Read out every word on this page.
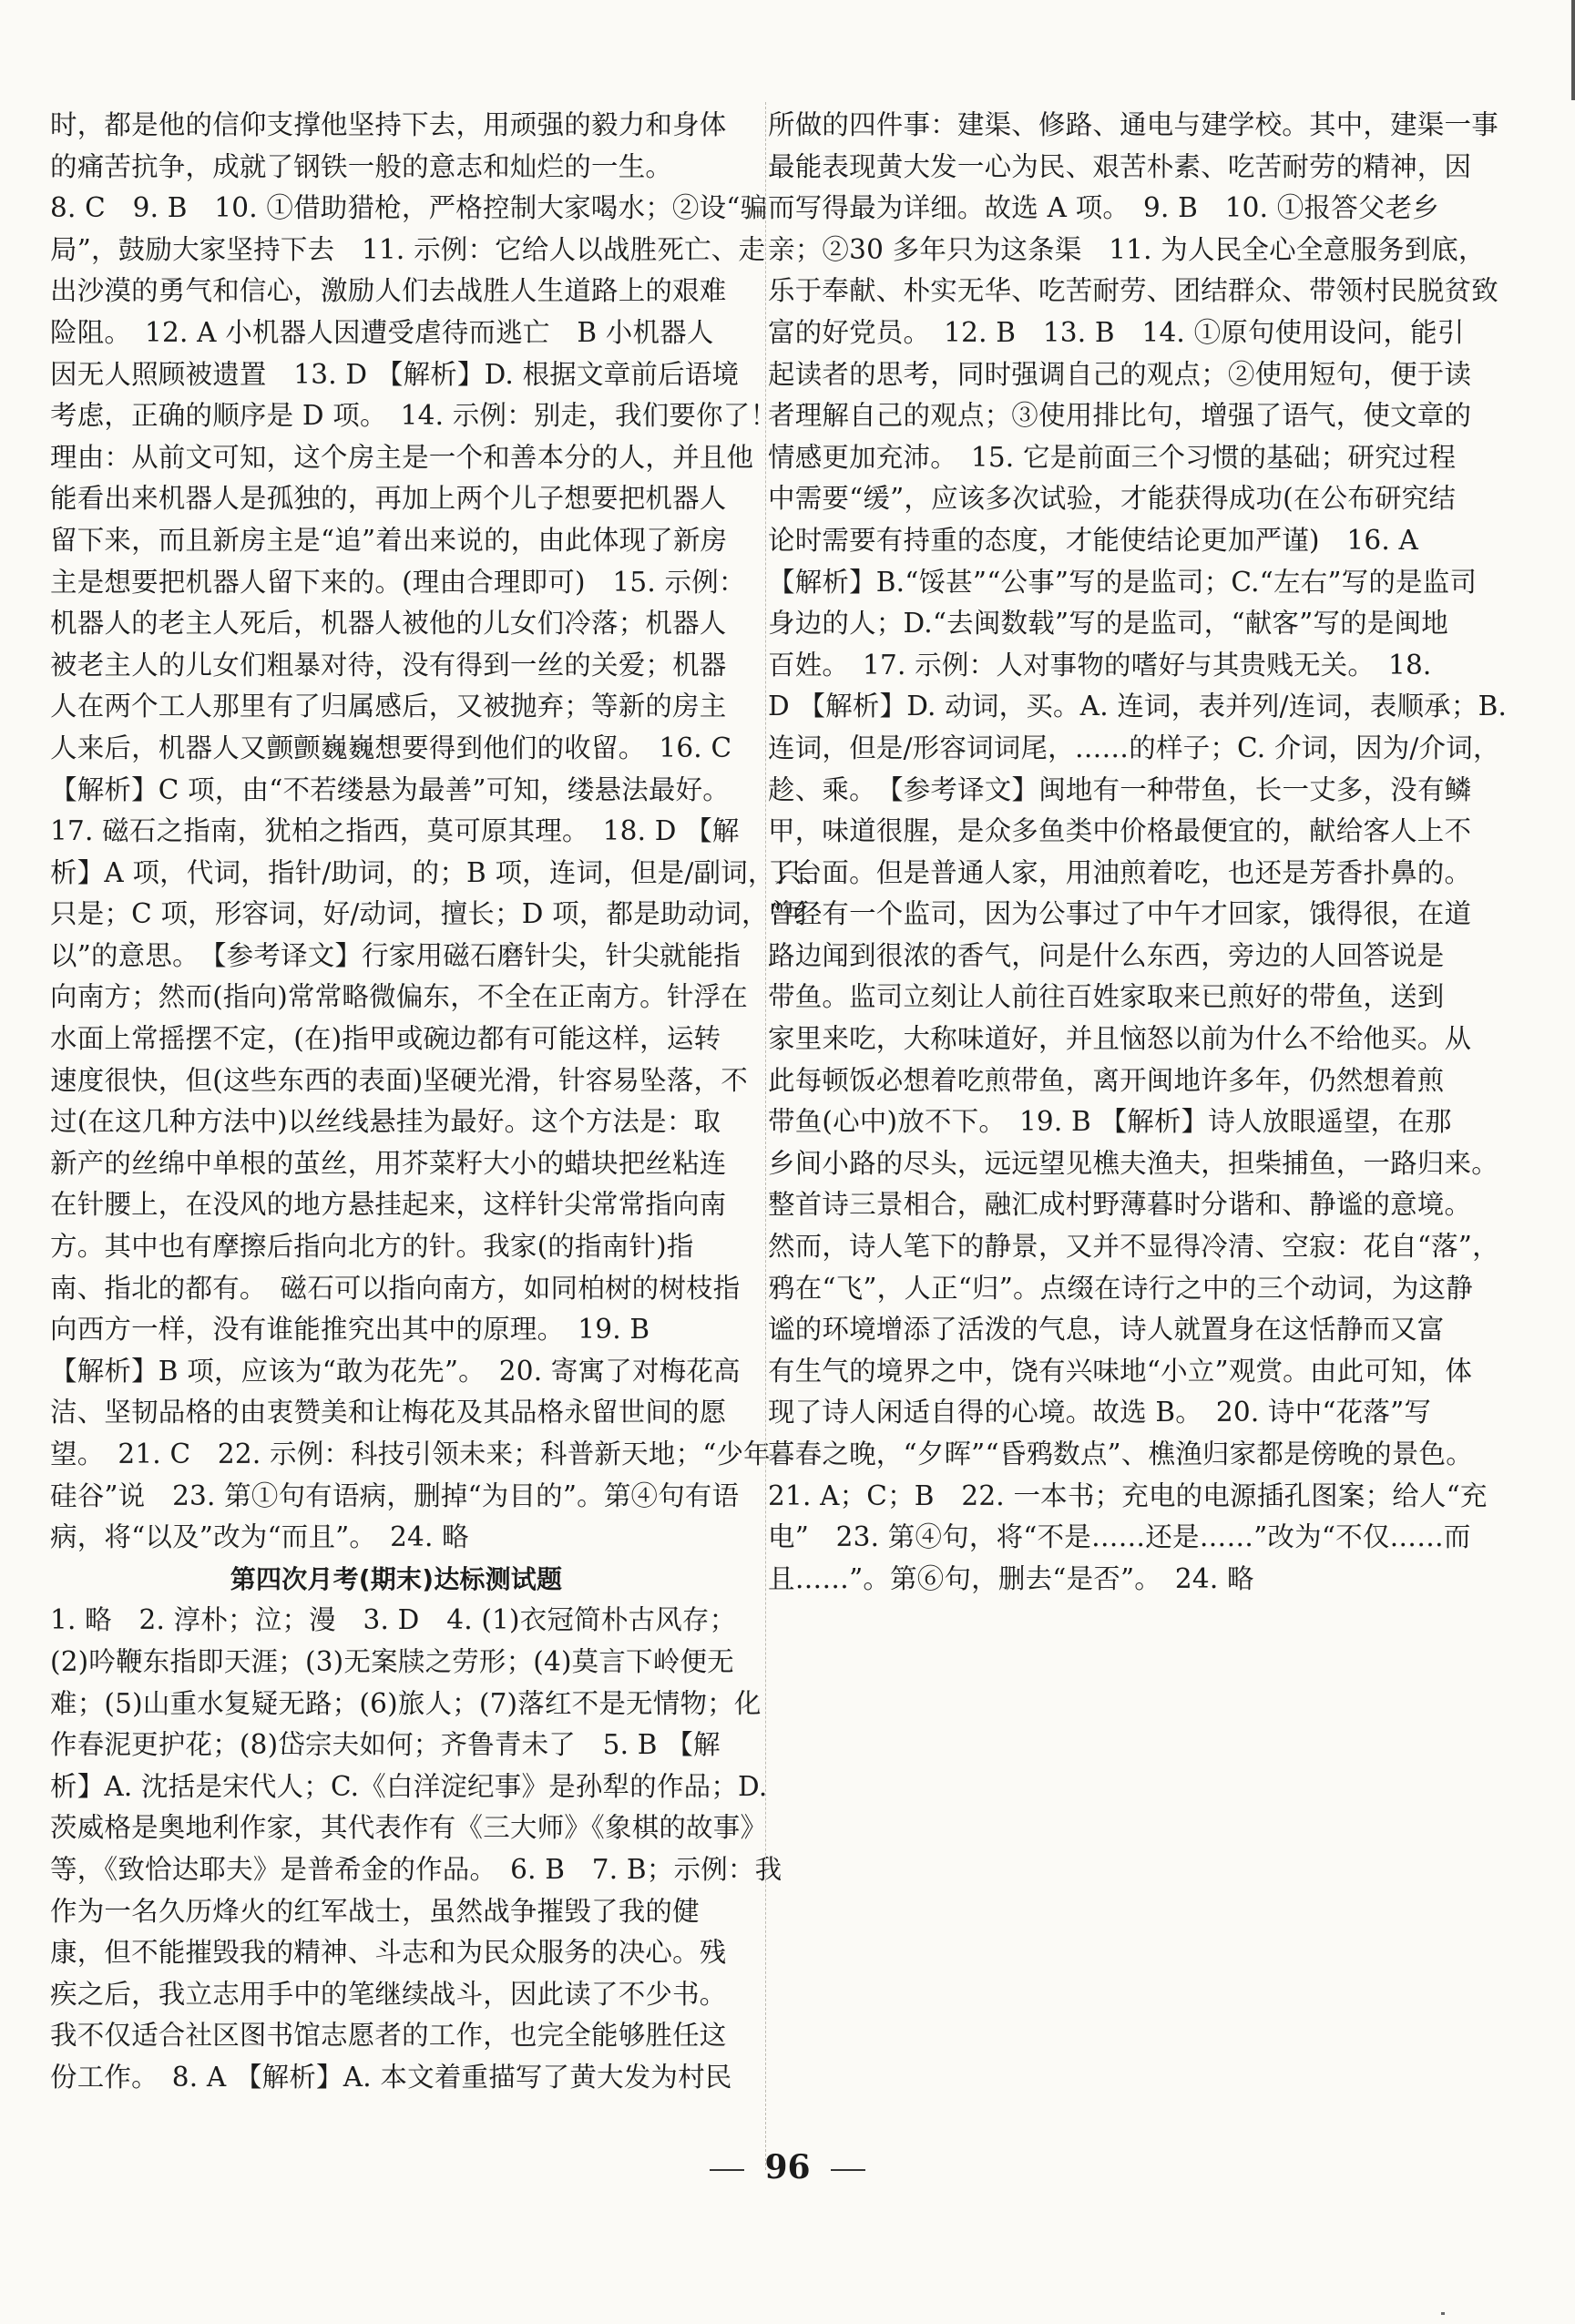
时，都是他的信仰支撑他坚持下去，用顽强的毅力和身体
的痛苦抗争，成就了钢铁一般的意志和灿烂的一生。
8. C　9. B　10. ①借助猎枪，严格控制大家喝水；②设“骗
局”，鼓励大家坚持下去　11. 示例：它给人以战胜死亡、走
出沙漠的勇气和信心，激励人们去战胜人生道路上的艰难
险阻。　12. A 小机器人因遭受虐待而逃亡　B 小机器人
因无人照顾被遗置　13. D 【解析】D. 根据文章前后语境
考虑，正确的顺序是 D 项。　14. 示例：别走，我们要你了！
理由：从前文可知，这个房主是一个和善本分的人，并且他
能看出来机器人是孤独的，再加上两个儿子想要把机器人
留下来，而且新房主是“追”着出来说的，由此体现了新房
主是想要把机器人留下来的。(理由合理即可)　15. 示例：
机器人的老主人死后，机器人被他的儿女们冷落；机器人
被老主人的儿女们粗暴对待，没有得到一丝的关爱；机器
人在两个工人那里有了归属感后，又被抛弃；等新的房主
人来后，机器人又颤颤巍巍想要得到他们的收留。　16. C
【解析】C 项，由“不若缕悬为最善”可知，缕悬法最好。
17. 磁石之指南，犹柏之指西，莫可原其理。　18. D 【解
析】A 项，代词，指针/助词，的；B 项，连词，但是/副词，只、
只是；C 项，形容词，好/动词，擅长；D 项，都是助动词，“可
以”的意思。　【参考译文】行家用磁石磨针尖，针尖就能指
向南方；然而(指向)常常略微偏东，不全在正南方。针浮在
水面上常摇摆不定，(在)指甲或碗边都有可能这样，运转
速度很快，但(这些东西的表面)坚硬光滑，针容易坠落，不
过(在这几种方法中)以丝线悬挂为最好。这个方法是：取
新产的丝绵中单根的茧丝，用芥菜籽大小的蜡块把丝粘连
在针腰上，在没风的地方悬挂起来，这样针尖常常指向南
方。其中也有摩擦后指向北方的针。我家(的指南针)指
南、指北的都有。　磁石可以指向南方，如同柏树的树枝指
向西方一样，没有谁能推究出其中的原理。　19. B
【解析】B 项，应该为“敢为花先”。　20. 寄寓了对梅花高
洁、坚韧品格的由衷赞美和让梅花及其品格永留世间的愿
望。　21. C　22. 示例：科技引领未来；科普新天地；“少年
硅谷”说　23. 第①句有语病，删掉“为目的”。第④句有语
病，将“以及”改为“而且”。　24. 略
第四次月考(期末)达标测试题
1. 略　2. 淳朴；泣；漫　3. D　4. (1)衣冠简朴古风存；
(2)吟鞭东指即天涯；(3)无案牍之劳形；(4)莫言下岭便无
难；(5)山重水复疑无路；(6)旅人；(7)落红不是无情物；化
作春泥更护花；(8)岱宗夫如何；齐鲁青未了　5. B 【解
析】A. 沈括是宋代人；C.《白洋淀纪事》是孙犁的作品；D.
茨威格是奥地利作家，其代表作有《三大师》《象棋的故事》
等，《致恰达耶夫》是普希金的作品。　6. B　7. B；示例：我
作为一名久历烽火的红军战士，虽然战争摧毁了我的健
康，但不能摧毁我的精神、斗志和为民众服务的决心。残
疾之后，我立志用手中的笔继续战斗，因此读了不少书。
我不仅适合社区图书馆志愿者的工作，也完全能够胜任这
份工作。　8. A 【解析】A. 本文着重描写了黄大发为村民
所做的四件事：建渠、修路、通电与建学校。其中，建渠一事
最能表现黄大发一心为民、艰苦朴素、吃苦耐劳的精神，因
而写得最为详细。故选 A 项。　9. B　10. ①报答父老乡
亲；②30 多年只为这条渠　11. 为人民全心全意服务到底，
乐于奉献、朴实无华、吃苦耐劳、团结群众、带领村民脱贫致
富的好党员。　12. B　13. B　14. ①原句使用设问，能引
起读者的思考，同时强调自己的观点；②使用短句，便于读
者理解自己的观点；③使用排比句，增强了语气，使文章的
情感更加充沛。　15. 它是前面三个习惯的基础；研究过程
中需要“缓”，应该多次试验，才能获得成功(在公布研究结
论时需要有持重的态度，才能使结论更加严谨)　16. A
【解析】B.“馁甚”“公事”写的是监司；C.“左右”写的是监司
身边的人；D.“去闽数载”写的是监司，“献客”写的是闽地
百姓。　17. 示例：人对事物的嗜好与其贵贱无关。　18.
D 【解析】D. 动词，买。A. 连词，表并列/连词，表顺承；B.
连词，但是/形容词词尾，……的样子；C. 介词，因为/介词，
趁、乘。　【参考译文】闽地有一种带鱼，长一丈多，没有鳞
甲，味道很腥，是众多鱼类中价格最便宜的，献给客人上不
了台面。但是普通人家，用油煎着吃，也还是芳香扑鼻的。
曾经有一个监司，因为公事过了中午才回家，饿得很，在道
路边闻到很浓的香气，问是什么东西，旁边的人回答说是
带鱼。监司立刻让人前往百姓家取来已煎好的带鱼，送到
家里来吃，大称味道好，并且恼怒以前为什么不给他买。从
此每顿饭必想着吃煎带鱼，离开闽地许多年，仍然想着煎
带鱼(心中)放不下。　19. B 【解析】诗人放眼遥望，在那
乡间小路的尽头，远远望见樵夫渔夫，担柴捕鱼，一路归来。
整首诗三景相合，融汇成村野薄暮时分谐和、静谧的意境。
然而，诗人笔下的静景，又并不显得冷清、空寂：花自“落”，
鸦在“飞”，人正“归”。点缀在诗行之中的三个动词，为这静
谧的环境增添了活泼的气息，诗人就置身在这恬静而又富
有生气的境界之中，饶有兴味地“小立”观赏。由此可知，体
现了诗人闲适自得的心境。故选 B。　20. 诗中“花落”写
暮春之晚，“夕晖”“昏鸦数点”、樵渔归家都是傍晚的景色。
21. A；C；B　22. 一本书；充电的电源插孔图案；给人“充
电”　23. 第④句，将“不是……还是……”改为“不仅……而
且……”。第⑥句，删去“是否”。　24. 略
96
